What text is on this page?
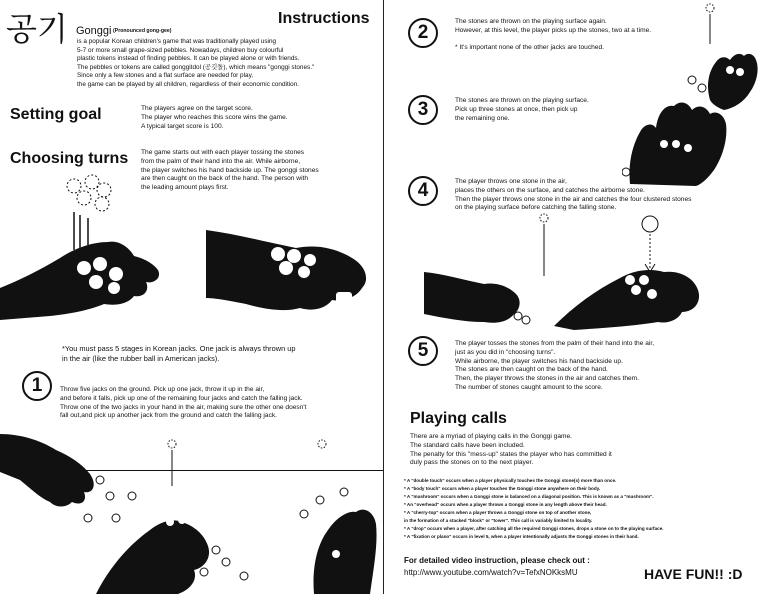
공기 Gonggi (Pronounced gong-gee)
Instructions
is a popular Korean children's game that was traditionally played using
5-7 or more small grape-sized pebbles. Nowadays, children buy colourful
plastic tokens instead of finding pebbles. It can be played alone or with friends.
The pebbles or tokens are called gonggitdol (공깃돌), which means "gonggi stones."
Since only a few stones and a flat surface are needed for play,
the game can be played by all children, regardless of their economic condition.
Setting goal	The players agree on the target score.
The player who reaches this score wins the game.
A typical target score is 100.
Choosing turns The game starts out with each player tossing the stones
from the palm of their hand into the air. While airborne,
the player switches his hand backside up. The gonggi stones
are then caught on the back of the hand. The person with
the leading amount plays first.
*You must pass 5 stages in Korean jacks. One jack is always thrown up
in the air (like the rubber ball in American jacks).
1	Throw five jacks on the ground. Pick up one jack, throw it up in the air,
and before it falls, pick up one of the remaining four jacks and catch the falling jack.
Throw one of the two jacks in your hand in the air, making sure the other one doesn't
fall out,and pick up another jack from the ground and catch the falling jack.
2
The stones are thrown on the playing surface again.
However, at this level, the player picks up the stones, two at a time.
* It's important none of the other jacks are touched.
3	The stones are thrown on the playing surface.
Pick up three stones at once, then pick up
the remaining one.
4	The player throws one stone in the air,
places the others on the surface, and catches the airborne stone.
Then the player throws one stone in the air and catches the four clustered stones
on the playing surface before catching the falling stone.
5	The player tosses the stones from the palm of their hand into the air,
just as you did in "choosing turns".
While airborne, the player switches his hand backside up.
The stones are then caught on the back of the hand.
Then, the player throws the stones in the air and catches them.
The number of stones caught amount to the score.
Playing calls
There are a myriad of playing calls in the Gonggi game.
The standard calls have been included.
The penalty for this "mess-up" states the player who has committed it
duly pass the stones on to the next player.
* A "double touch" occurs when a player physically touches the Gonggi stone(s) more than once.
* A "body touch" occurs when a player touches the Gonggi stone anywhere on their body.
* A "mushroom" occurs when a Gonggi stone is balanced on a diagonal position. This is known as a "mushroom".
* An "overhead" occurs when a player throws a Gonggi stone in any length above their head.
* A "cherry-top" occurs when a player throws a Gonggi stone on top of another stone,
in the formation of a stacked "block" or "tower". This call is variably limited to locality.
* A "drop" occurs when a player, after catching all the required Gonggi stones, drops a stone on to the playing surface.
* A "fixation or plano" occurs in level 5, when a player intentionally adjusts the Gonggi stones in their hand.
For detailed video instruction, please check out :
http://www.youtube.com/watch?v=TefxNOKksMU	HAVE FUN!! :D
